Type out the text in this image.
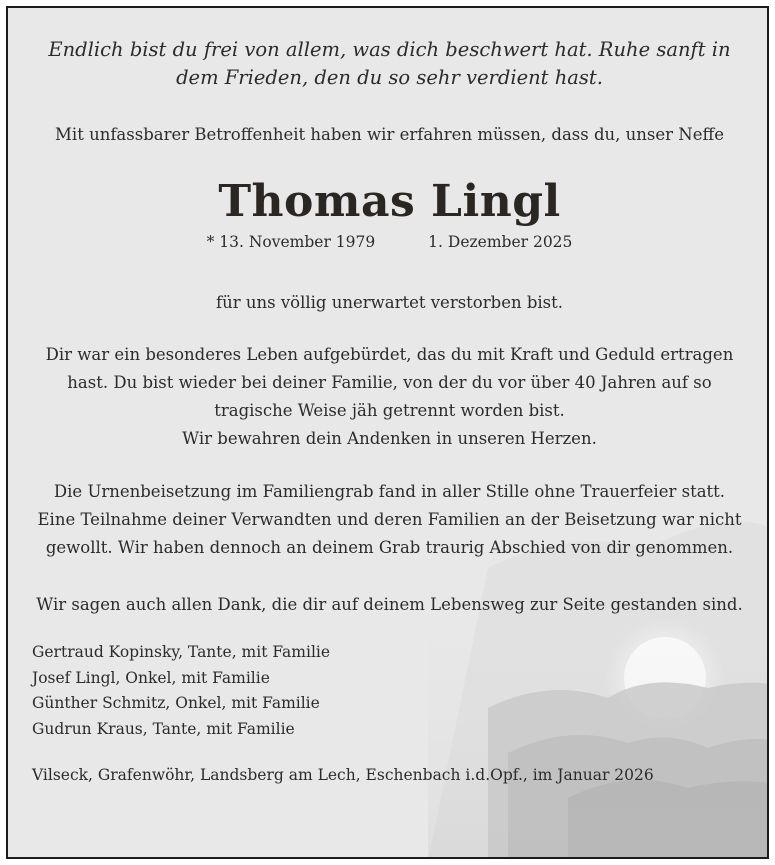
Endlich bist du frei von allem, was dich beschwert hat. Ruhe sanft in dem Frieden, den du so sehr verdient hast.
Mit unfassbarer Betroffenheit haben wir erfahren müssen, dass du, unser Neffe
Thomas Lingl
* 13. November 1979	1. Dezember 2025
für uns völlig unerwartet verstorben bist.
Dir war ein besonderes Leben aufgebürdet, das du mit Kraft und Geduld ertragen hast. Du bist wieder bei deiner Familie, von der du vor über 40 Jahren auf so tragische Weise jäh getrennt worden bist.
Wir bewahren dein Andenken in unseren Herzen.
Die Urnenbeisetzung im Familiengrab fand in aller Stille ohne Trauerfeier statt. Eine Teilnahme deiner Verwandten und deren Familien an der Beisetzung war nicht gewollt. Wir haben dennoch an deinem Grab traurig Abschied von dir genommen.
Wir sagen auch allen Dank, die dir auf deinem Lebensweg zur Seite gestanden sind.
Gertraud Kopinsky, Tante, mit Familie
Josef Lingl, Onkel, mit Familie
Günther Schmitz, Onkel, mit Familie
Gudrun Kraus, Tante, mit Familie
Vilseck, Grafenwöhr, Landsberg am Lech, Eschenbach i.d.Opf., im Januar 2026
